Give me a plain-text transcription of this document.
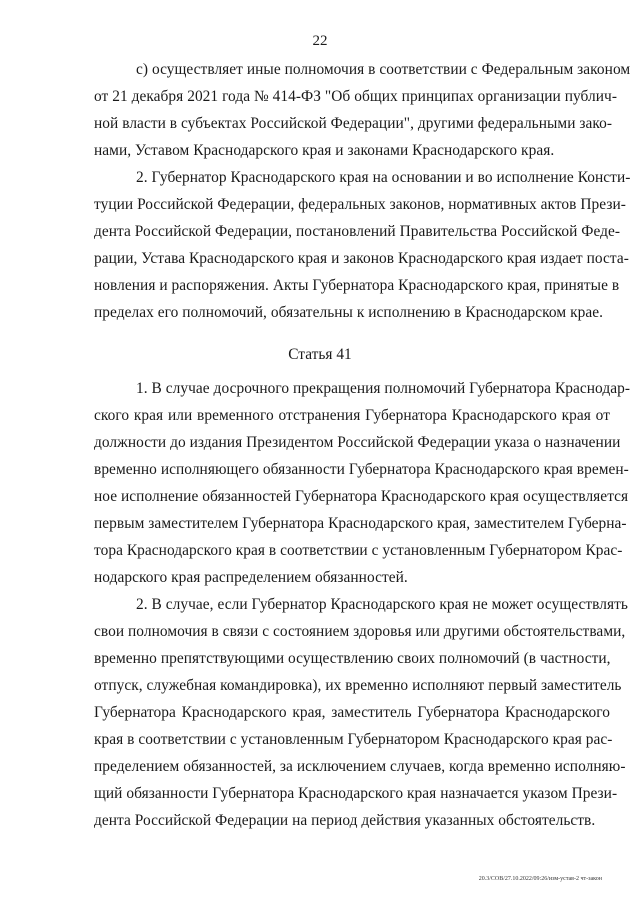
22
с) осуществляет иные полномочия в соответствии с Федеральным законом
от 21 декабря 2021 года № 414-ФЗ "Об общих принципах организации публич-
ной власти в субъектах Российской Федерации", другими федеральными зако-
нами, Уставом Краснодарского края и законами Краснодарского края.
2. Губернатор Краснодарского края на основании и во исполнение Консти-
туции Российской Федерации, федеральных законов, нормативных актов Прези-
дента Российской Федерации, постановлений Правительства Российской Феде-
рации, Устава Краснодарского края и законов Краснодарского края издает поста-
новления и распоряжения. Акты Губернатора Краснодарского края, принятые в
пределах его полномочий, обязательны к исполнению в Краснодарском крае.
Статья 41
1. В случае досрочного прекращения полномочий Губернатора Краснодар-
ского края или временного отстранения Губернатора Краснодарского края от
должности до издания Президентом Российской Федерации указа о назначении
временно исполняющего обязанности Губернатора Краснодарского края времен-
ное исполнение обязанностей Губернатора Краснодарского края осуществляется
первым заместителем Губернатора Краснодарского края, заместителем Губерна-
тора Краснодарского края в соответствии с установленным Губернатором Крас-
нодарского края распределением обязанностей.
2. В случае, если Губернатор Краснодарского края не может осуществлять
свои полномочия в связи с состоянием здоровья или другими обстоятельствами,
временно препятствующими осуществлению своих полномочий (в частности,
отпуск, служебная командировка), их временно исполняют первый заместитель
Губернатора Краснодарского края, заместитель Губернатора Краснодарского
края в соответствии с установленным Губернатором Краснодарского края рас-
пределением обязанностей, за исключением случаев, когда временно исполняю-
щий обязанности Губернатора Краснодарского края назначается указом Прези-
дента Российской Федерации на период действия указанных обстоятельств.
20.3/COB/27.10.2022/09:26/изм-устав-2 чт-закон
